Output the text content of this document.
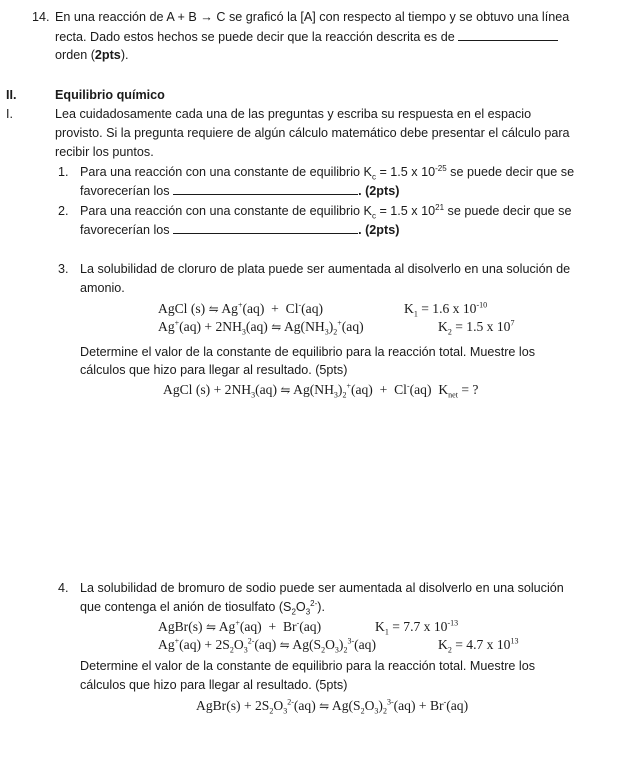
14. En una reacción de A + B → C se graficó la [A] con respecto al tiempo y se obtuvo una línea
recta. Dado estos hechos se puede decir que la reacción descrita es de
orden (2pts).
II.	Equilibrio químico
I.	Lea cuidadosamente cada una de las preguntas y escriba su respuesta en el espacio
provisto. Si la pregunta requiere de algún cálculo matemático debe presentar el cálculo para
recibir los puntos.
1. Para una reacción con una constante de equilibrio $K_c = 1.5$ x $10^{-25}$ se puede decir que se
favorecerían los	. (2pts)
2. Para una reacción con una constante de equilibrio $K_c = 1.5$ x $10^{21}$ se puede decir que se
favorecerían los	. (2pts)
3. La solubilidad de cloruro de plata puede ser aumentada al disolverlo en una solución de
amonio.
AgCl (s) ⇋ Ag+(aq)  + Cl-(aq)	$K_1 = 1.6$ x $10^{-10}$
$Ag^+(aq) + 2NH_3(aq)$ ⇋ $Ag(NH_3)_2^+(aq)$	$K_2 = 1.5$ x $10^7$
Determine el valor de la constante de equilibrio para la reacción total. Muestre los
cálculos que hizo para llegar al resultado. (5pts)
AgCl $(s) + 2NH_3(aq)$ ⇋ $Ag(NH_3)_2^+(aq) + Cl^-(aq) K_{net}$ = ?
4. La solubilidad de bromuro de sodio puede ser aumentada al disolverlo en una solución
que contenga el anión de tiosulfato $(S_2O_3^{2-})$.
AgBr(s) ⇋ Ag+(aq)  +  Br-(aq)	$K_1 = 7.7$ x $10^{-13}$
$Ag^+(aq) + 2S_2O_3^{2-}(aq)$ ⇋ $Ag(S_2O_3)_2^{3-}(aq)$	$K_2 = 4.7$ x $10^{13}$
Determine el valor de la constante de equilibrio para la reacción total. Muestre los
cálculos que hizo para llegar al resultado. (5pts)
AgBr(s) + $2S_2O_3^{2-}(aq)$ ⇋ $Ag(S_2O_3)_2^{3-}(aq) + Br^-(aq)$
